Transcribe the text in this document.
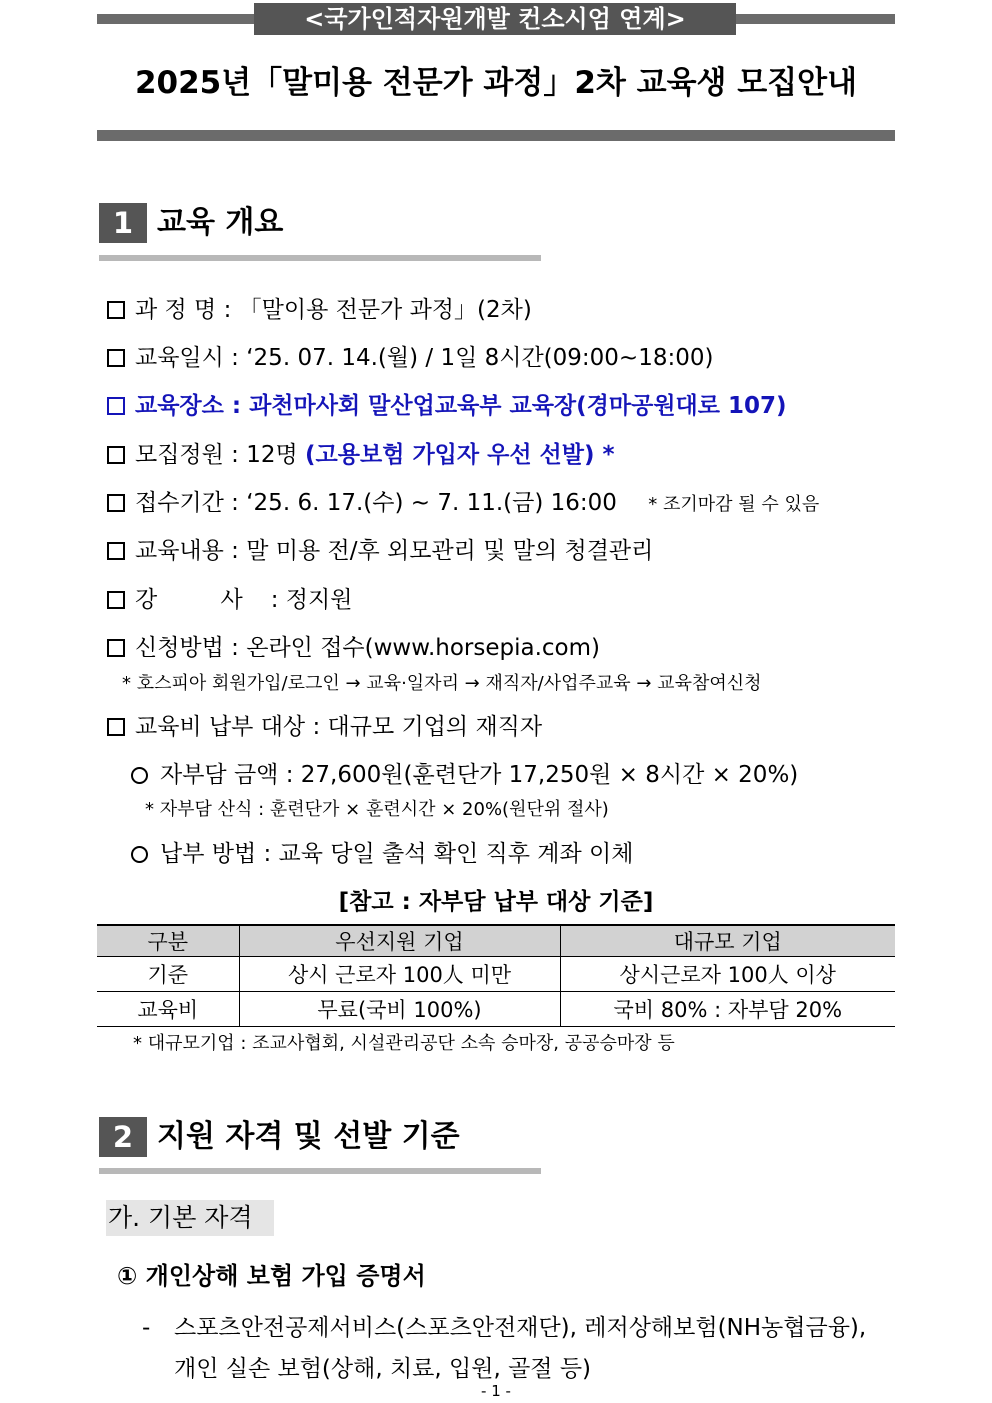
<국가인적자원개발 컨소시엄 연계>
2025년「말미용 전문가 과정」2차 교육생 모집안내
1 교육 개요
과 정 명 : 「말이용 전문가 과정」(2차)
교육일시 : ‘25. 07. 14.(월) / 1일 8시간(09:00~18:00)
교육장소 : 과천마사회 말산업교육부 교육장(경마공원대로 107)
모집정원 : 12명 (고용보험 가입자 우선 선발) *
접수기간 : ‘25. 6. 17.(수) ~ 7. 11.(금) 16:00 * 조기마감 될 수 있음
교육내용 : 말 미용 전/후 외모관리 및 말의 청결관리
강 사: 정지원
신청방법 : 온라인 접수(www.horsepia.com)
* 호스피아 회원가입/로그인 → 교육·일자리 → 재직자/사업주교육 → 교육참여신청
교육비 납부 대상 : 대규모 기업의 재직자
자부담 금액 : 27,600원(훈련단가 17,250원 × 8시간 × 20%)
* 자부담 산식 : 훈련단가 × 훈련시간 × 20%(원단위 절사)
납부 방법 : 교육 당일 출석 확인 직후 계좌 이체
[참고 : 자부담 납부 대상 기준]
구분	우선지원 기업	대규모 기업
기준	상시 근로자 100人 미만	상시근로자 100人 이상
교육비	무료(국비 100%)	국비 80% : 자부담 20%
* 대규모기업 : 조교사협회, 시설관리공단 소속 승마장, 공공승마장 등
2 지원 자격 및 선발 기준
가. 기본 자격
① 개인상해 보험 가입 증명서
- 스포츠안전공제서비스(스포츠안전재단), 레저상해보험(NH농협금융),
개인 실손 보험(상해, 치료, 입원, 골절 등)
- 1 -
